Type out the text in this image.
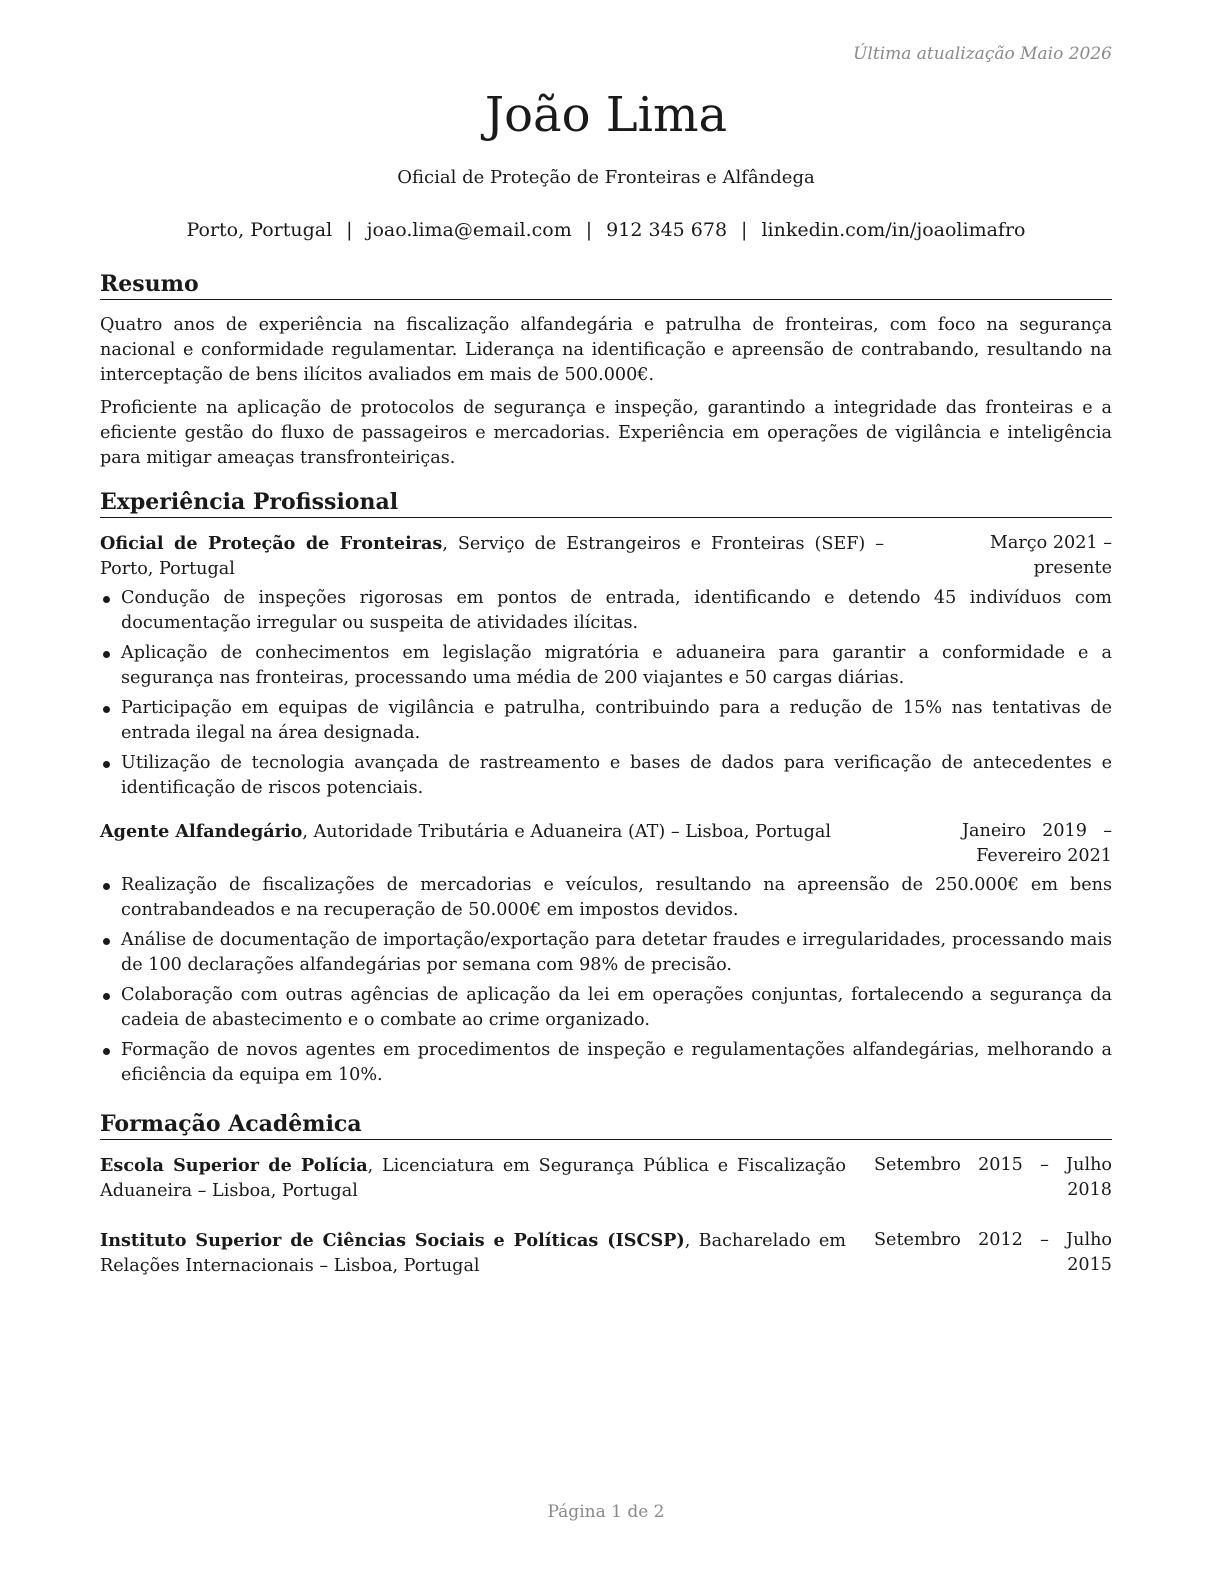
Última atualização Maio 2026
João Lima
Oficial de Proteção de Fronteiras e Alfândega
Porto, Portugal | joao.lima@email.com | 912 345 678 | linkedin.com/in/joaolimafro
Resumo

Quatro anos de experiência na fiscalização alfandegária e patrulha de fronteiras, com foco na segurança nacional e conformidade regulamentar. Liderança na identificação e apreensão de contrabando, resultando na interceptação de bens ilícitos avaliados em mais de 500.000€.

Proficiente na aplicação de protocolos de segurança e inspeção, garantindo a integridade das fronteiras e a eficiente gestão do fluxo de passageiros e mercadorias. Experiência em operações de vigilância e inteligência para mitigar ameaças transfronteiriças.

Experiência Profissional
Oficial de Proteção de Fronteiras, Serviço de Estrangeiros e Fronteiras (SEF) – Porto, Portugal
Março 2021 – presente
Condução de inspeções rigorosas em pontos de entrada, identificando e detendo 45 indivíduos com documentação irregular ou suspeita de atividades ilícitas.
Aplicação de conhecimentos em legislação migratória e aduaneira para garantir a conformidade e a segurança nas fronteiras, processando uma média de 200 viajantes e 50 cargas diárias.
Participação em equipas de vigilância e patrulha, contribuindo para a redução de 15% nas tentativas de entrada ilegal na área designada.
Utilização de tecnologia avançada de rastreamento e bases de dados para verificação de antecedentes e identificação de riscos potenciais.
Agente Alfandegário, Autoridade Tributária e Aduaneira (AT) – Lisboa, Portugal	Janeiro 2019 – Fevereiro 2021
Realização de fiscalizações de mercadorias e veículos, resultando na apreensão de 250.000€ em bens contrabandeados e na recuperação de 50.000€ em impostos devidos.
Análise de documentação de importação/exportação para detetar fraudes e irregularidades, processando mais de 100 declarações alfandegárias por semana com 98% de precisão.
Colaboração com outras agências de aplicação da lei em operações conjuntas, fortalecendo a segurança da cadeia de abastecimento e o combate ao crime organizado.
Formação de novos agentes em procedimentos de inspeção e regulamentações alfandegárias, melhorando a eficiência da equipa em 10%.
Formação Acadêmica
Escola Superior de Polícia, Licenciatura em Segurança Pública e Fiscalização Aduaneira – Lisboa, Portugal
Setembro 2015 – Julho 2018
Instituto Superior de Ciências Sociais e Políticas (ISCSP), Bacharelado em Relações Internacionais – Lisboa, Portugal
Setembro 2012 – Julho 2015
Página 1 de 2
